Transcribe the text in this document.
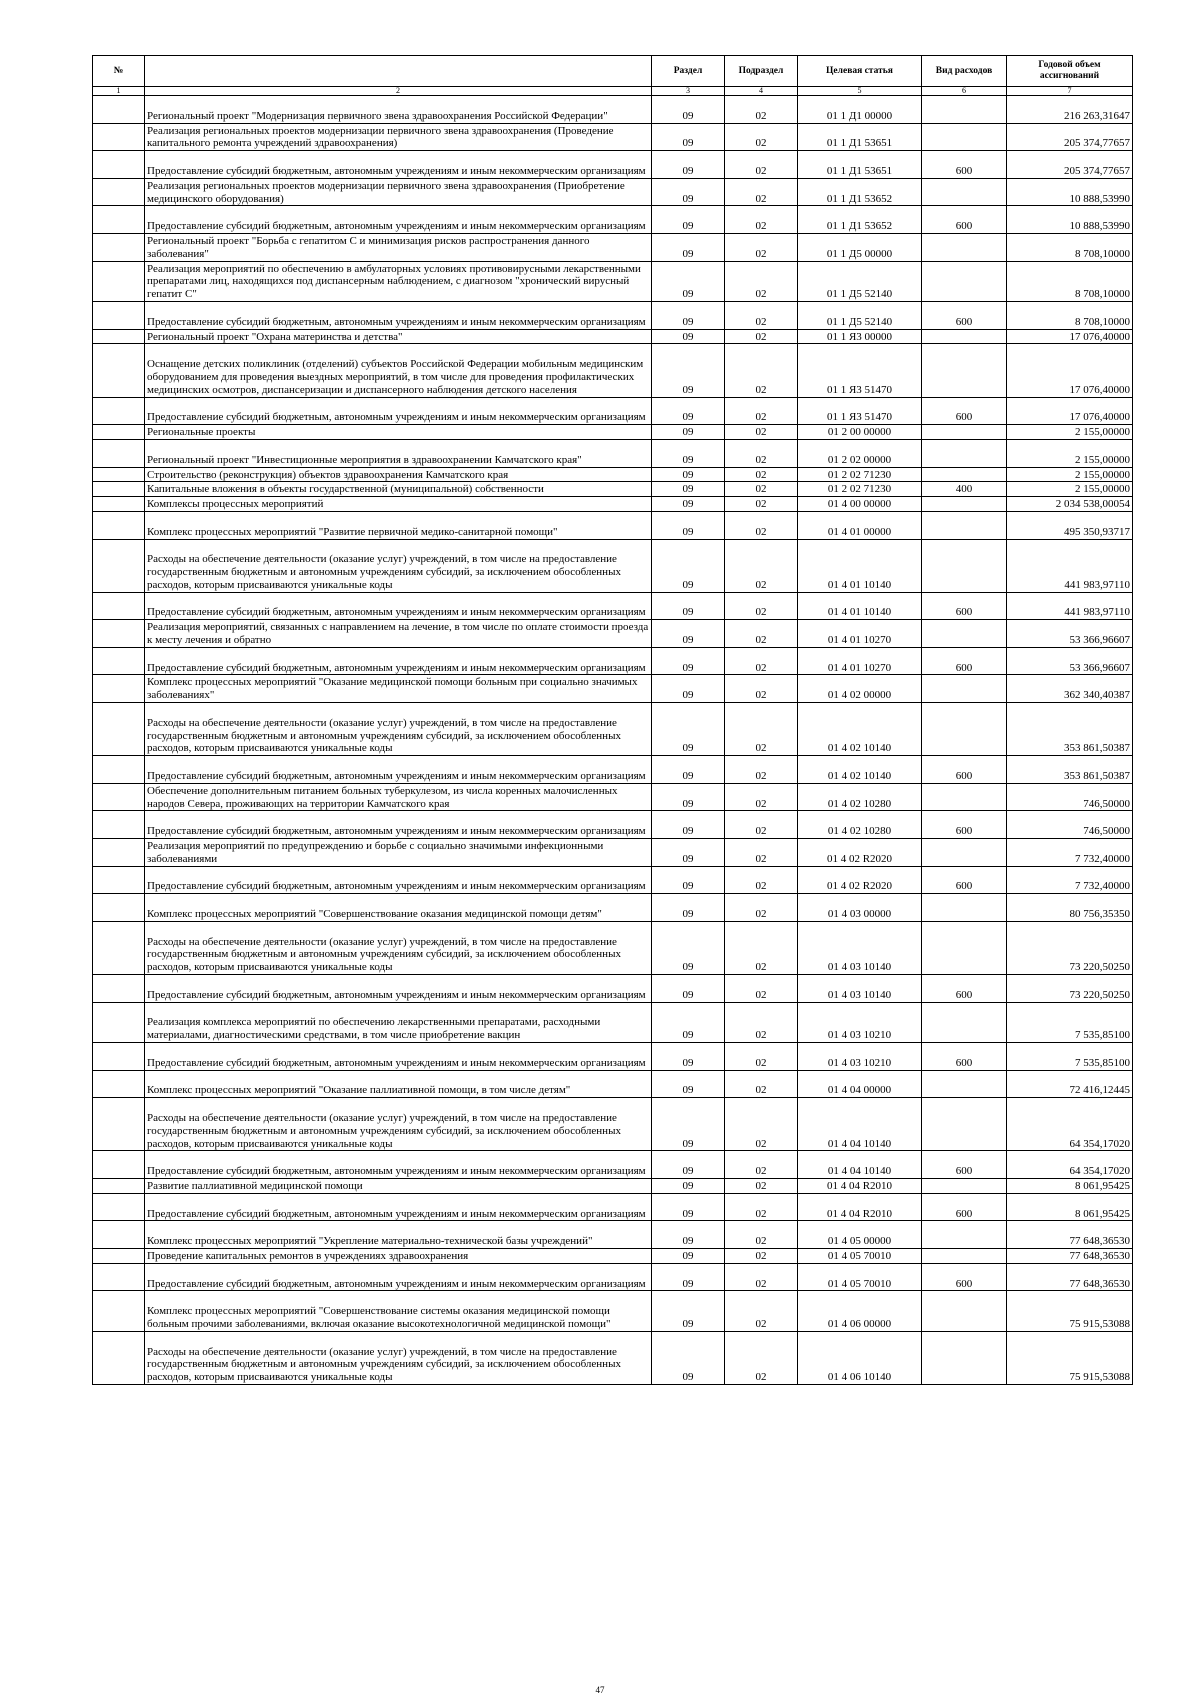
№		Раздел	Подраздел	Целевая статья	Вид расходов	Годовой объем ассигнований
1	2	3	4	5	6	7
	Региональный проект "Модернизация первичного звена здравоохранения Российской Федерации"	09	02	01 1 Д1 00000		216 263,31647
	Реализация региональных проектов модернизации первичного звена здравоохранения (Проведение капитального ремонта учреждений здравоохранения)	09	02	01 1 Д1 53651		205 374,77657
	Предоставление субсидий бюджетным, автономным учреждениям и иным некоммерческим организациям	09	02	01 1 Д1 53651	600	205 374,77657
	Реализация региональных проектов модернизации первичного звена здравоохранения (Приобретение медицинского оборудования)	09	02	01 1 Д1 53652		10 888,53990
	Предоставление субсидий бюджетным, автономным учреждениям и иным некоммерческим организациям	09	02	01 1 Д1 53652	600	10 888,53990
	Региональный проект "Борьба с гепатитом С и минимизация рисков распространения данного заболевания"	09	02	01 1 Д5 00000		8 708,10000
	Реализация мероприятий по обеспечению в амбулаторных условиях противовирусными лекарственными препаратами лиц, находящихся под диспансерным наблюдением, с диагнозом "хронический вирусный гепатит С"	09	02	01 1 Д5 52140		8 708,10000
	Предоставление субсидий бюджетным, автономным учреждениям и иным некоммерческим организациям	09	02	01 1 Д5 52140	600	8 708,10000
	Региональный проект "Охрана материнства и детства"	09	02	01 1 Я3 00000		17 076,40000
	Оснащение детских поликлиник (отделений) субъектов Российской Федерации мобильным медицинским оборудованием для проведения выездных мероприятий, в том числе для проведения профилактических медицинских осмотров, диспансеризации и диспансерного наблюдения детского населения	09	02	01 1 Я3 51470		17 076,40000
	Предоставление субсидий бюджетным, автономным учреждениям и иным некоммерческим организациям	09	02	01 1 Я3 51470	600	17 076,40000
	Региональные проекты	09	02	01 2 00 00000		2 155,00000
	Региональный проект "Инвестиционные мероприятия в здравоохранении Камчатского края"	09	02	01 2 02 00000		2 155,00000
	Строительство (реконструкция) объектов здравоохранения Камчатского края	09	02	01 2 02 71230		2 155,00000
	Капитальные вложения в объекты государственной (муниципальной) собственности	09	02	01 2 02 71230	400	2 155,00000
	Комплексы процессных мероприятий	09	02	01 4 00 00000		2 034 538,00054
	Комплекс процессных мероприятий "Развитие первичной медико-санитарной помощи"	09	02	01 4 01 00000		495 350,93717
	Расходы на обеспечение деятельности (оказание услуг) учреждений, в том числе на предоставление государственным бюджетным и автономным учреждениям субсидий, за исключением обособленных расходов, которым присваиваются уникальные коды	09	02	01 4 01 10140		441 983,97110
	Предоставление субсидий бюджетным, автономным учреждениям и иным некоммерческим организациям	09	02	01 4 01 10140	600	441 983,97110
	Реализация мероприятий, связанных с направлением на лечение, в том числе по оплате стоимости проезда к месту лечения и обратно	09	02	01 4 01 10270		53 366,96607
	Предоставление субсидий бюджетным, автономным учреждениям и иным некоммерческим организациям	09	02	01 4 01 10270	600	53 366,96607
	Комплекс процессных мероприятий "Оказание медицинской помощи больным при социально значимых заболеваниях"	09	02	01 4 02 00000		362 340,40387
	Расходы на обеспечение деятельности (оказание услуг) учреждений, в том числе на предоставление государственным бюджетным и автономным учреждениям субсидий, за исключением обособленных расходов, которым присваиваются уникальные коды	09	02	01 4 02 10140		353 861,50387
	Предоставление субсидий бюджетным, автономным учреждениям и иным некоммерческим организациям	09	02	01 4 02 10140	600	353 861,50387
	Обеспечение дополнительным питанием больных туберкулезом, из числа коренных малочисленных народов Севера, проживающих на территории Камчатского края	09	02	01 4 02 10280		746,50000
	Предоставление субсидий бюджетным, автономным учреждениям и иным некоммерческим организациям	09	02	01 4 02 10280	600	746,50000
	Реализация мероприятий по предупреждению и борьбе с социально значимыми инфекционными заболеваниями	09	02	01 4 02 R2020		7 732,40000
	Предоставление субсидий бюджетным, автономным учреждениям и иным некоммерческим организациям	09	02	01 4 02 R2020	600	7 732,40000
	Комплекс процессных мероприятий "Совершенствование оказания медицинской помощи детям"	09	02	01 4 03 00000		80 756,35350
	Расходы на обеспечение деятельности (оказание услуг) учреждений, в том числе на предоставление государственным бюджетным и автономным учреждениям субсидий, за исключением обособленных расходов, которым присваиваются уникальные коды	09	02	01 4 03 10140		73 220,50250
	Предоставление субсидий бюджетным, автономным учреждениям и иным некоммерческим организациям	09	02	01 4 03 10140	600	73 220,50250
	Реализация комплекса мероприятий по обеспечению лекарственными препаратами, расходными материалами, диагностическими средствами, в том числе приобретение вакцин	09	02	01 4 03 10210		7 535,85100
	Предоставление субсидий бюджетным, автономным учреждениям и иным некоммерческим организациям	09	02	01 4 03 10210	600	7 535,85100
	Комплекс процессных мероприятий "Оказание паллиативной помощи, в том числе детям"	09	02	01 4 04 00000		72 416,12445
	Расходы на обеспечение деятельности (оказание услуг) учреждений, в том числе на предоставление государственным бюджетным и автономным учреждениям субсидий, за исключением обособленных расходов, которым присваиваются уникальные коды	09	02	01 4 04 10140		64 354,17020
	Предоставление субсидий бюджетным, автономным учреждениям и иным некоммерческим организациям	09	02	01 4 04 10140	600	64 354,17020
	Развитие паллиативной медицинской помощи	09	02	01 4 04 R2010		8 061,95425
	Предоставление субсидий бюджетным, автономным учреждениям и иным некоммерческим организациям	09	02	01 4 04 R2010	600	8 061,95425
	Комплекс процессных мероприятий "Укрепление материально-технической базы учреждений"	09	02	01 4 05 00000		77 648,36530
	Проведение капитальных ремонтов в учреждениях здравоохранения	09	02	01 4 05 70010		77 648,36530
	Предоставление субсидий бюджетным, автономным учреждениям и иным некоммерческим организациям	09	02	01 4 05 70010	600	77 648,36530
	Комплекс процессных мероприятий "Совершенствование системы оказания медицинской помощи больным прочими заболеваниями, включая оказание высокотехнологичной медицинской помощи"	09	02	01 4 06 00000		75 915,53088
	Расходы на обеспечение деятельности (оказание услуг) учреждений, в том числе на предоставление государственным бюджетным и автономным учреждениям субсидий, за исключением обособленных расходов, которым присваиваются уникальные коды	09	02	01 4 06 10140		75 915,53088
47
